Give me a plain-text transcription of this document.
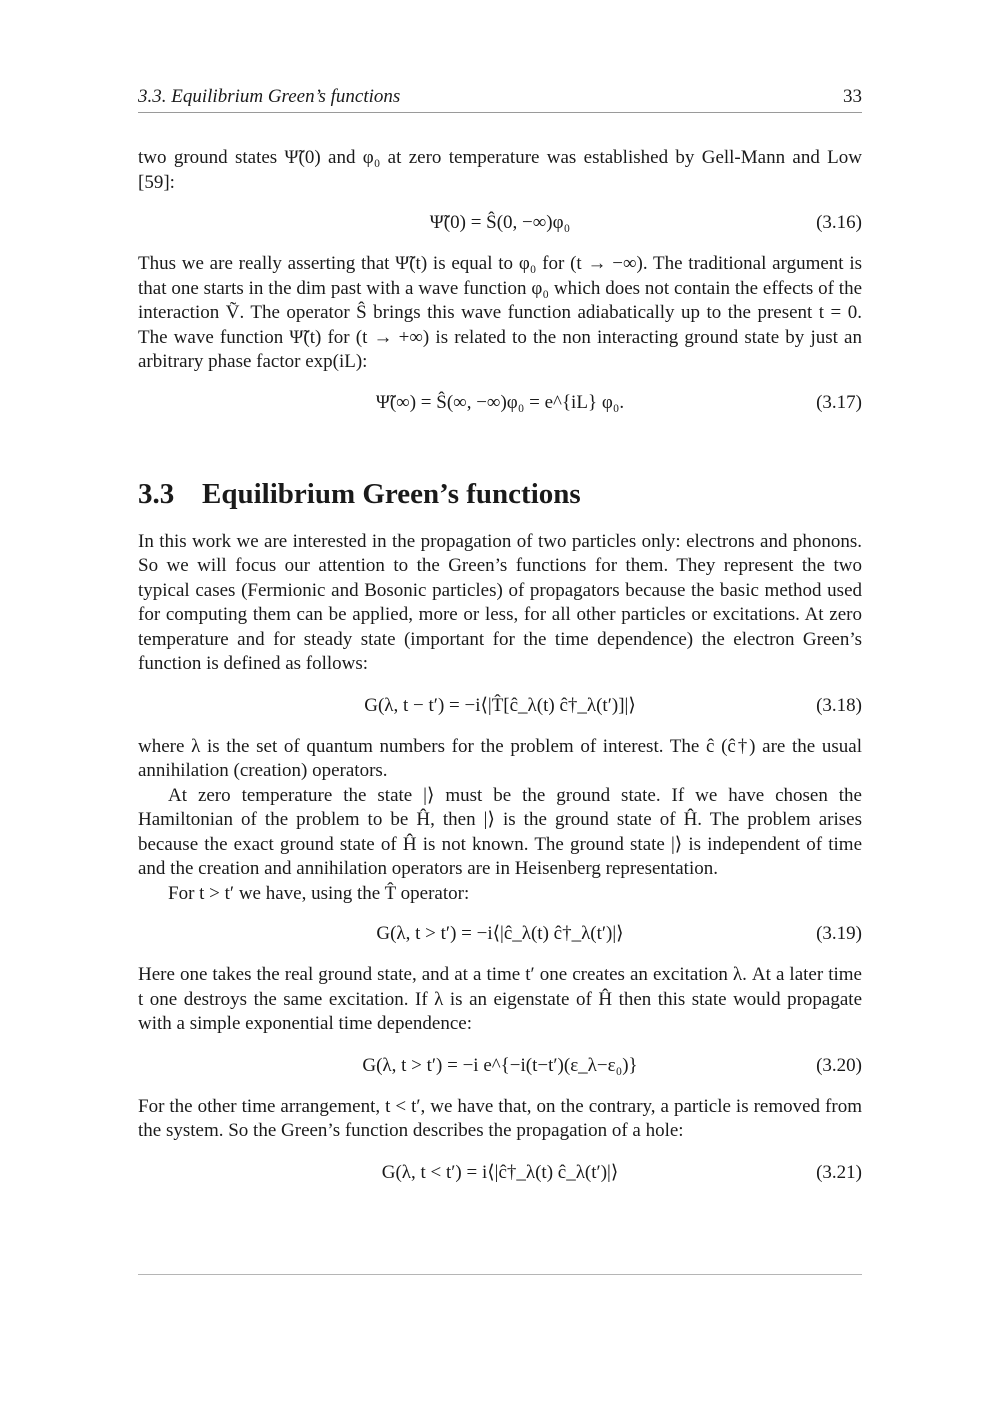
3.3. Equilibrium Green’s functions	33

two ground states Ψ̃(0) and φ₀ at zero temperature was established by Gell-Mann and Low [59]:

Ψ̃(0) = Ŝ(0, −∞)φ₀	(3.16)

Thus we are really asserting that Ψ̃(t) is equal to φ₀ for (t → −∞). The traditional argument is that one starts in the dim past with a wave function φ₀ which does not contain the effects of the interaction Ṽ. The operator Ŝ brings this wave function adiabatically up to the present t = 0. The wave function Ψ̃(t) for (t → +∞) is related to the non interacting ground state by just an arbitrary phase factor exp(iL):

Ψ̃(∞) = Ŝ(∞, −∞)φ₀ = e^{iL} φ₀.	(3.17)
3.3 Equilibrium Green’s functions

In this work we are interested in the propagation of two particles only: electrons and phonons. So we will focus our attention to the Green’s functions for them. They represent the two typical cases (Fermionic and Bosonic particles) of propagators because the basic method used for computing them can be applied, more or less, for all other particles or excitations. At zero temperature and for steady state (important for the time dependence) the electron Green’s function is defined as follows:

G(λ, t − t′) = −i⟨|T̂[ĉ_λ(t) ĉ†_λ(t′)]|⟩	(3.18)

where λ is the set of quantum numbers for the problem of interest. The ĉ (ĉ†) are the usual annihilation (creation) operators.

At zero temperature the state |⟩ must be the ground state. If we have chosen the Hamiltonian of the problem to be Ĥ, then |⟩ is the ground state of Ĥ. The problem arises because the exact ground state of Ĥ is not known. The ground state |⟩ is independent of time and the creation and annihilation operators are in Heisenberg representation.

For t > t′ we have, using the T̂ operator:

G(λ, t > t′) = −i⟨|ĉ_λ(t) ĉ†_λ(t′)|⟩	(3.19)

Here one takes the real ground state, and at a time t′ one creates an excitation λ. At a later time t one destroys the same excitation. If λ is an eigenstate of Ĥ then this state would propagate with a simple exponential time dependence:

G(λ, t > t′) = −i e^{−i(t−t′)(ε_λ−ε₀)}	(3.20)

For the other time arrangement, t < t′, we have that, on the contrary, a particle is removed from the system. So the Green’s function describes the propagation of a hole:

G(λ, t < t′) = i⟨|ĉ†_λ(t) ĉ_λ(t′)|⟩	(3.21)
